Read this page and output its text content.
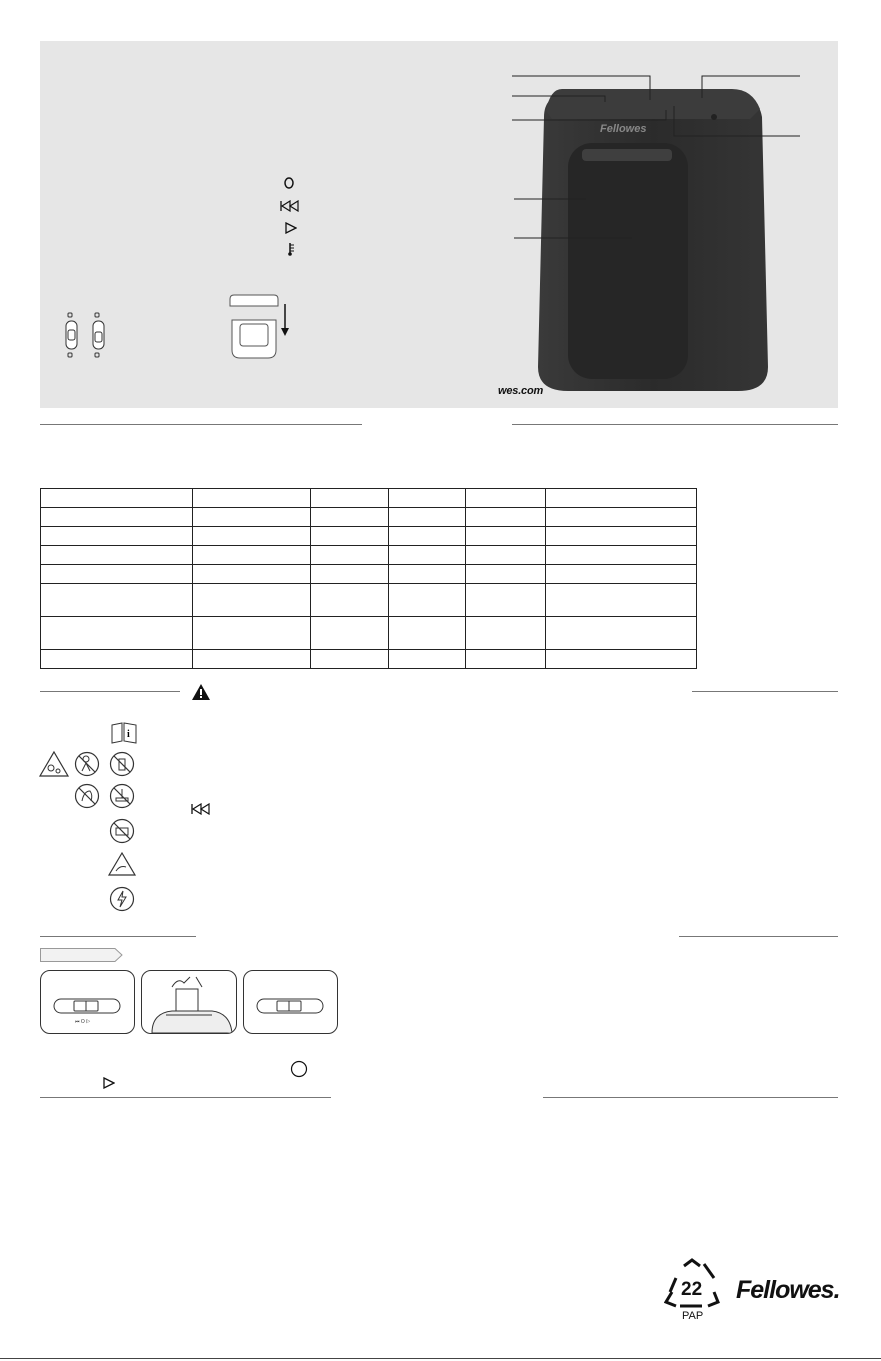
Fellowes
wes.com

i
⏮ O ▷
22
PAP
Fellowes.
